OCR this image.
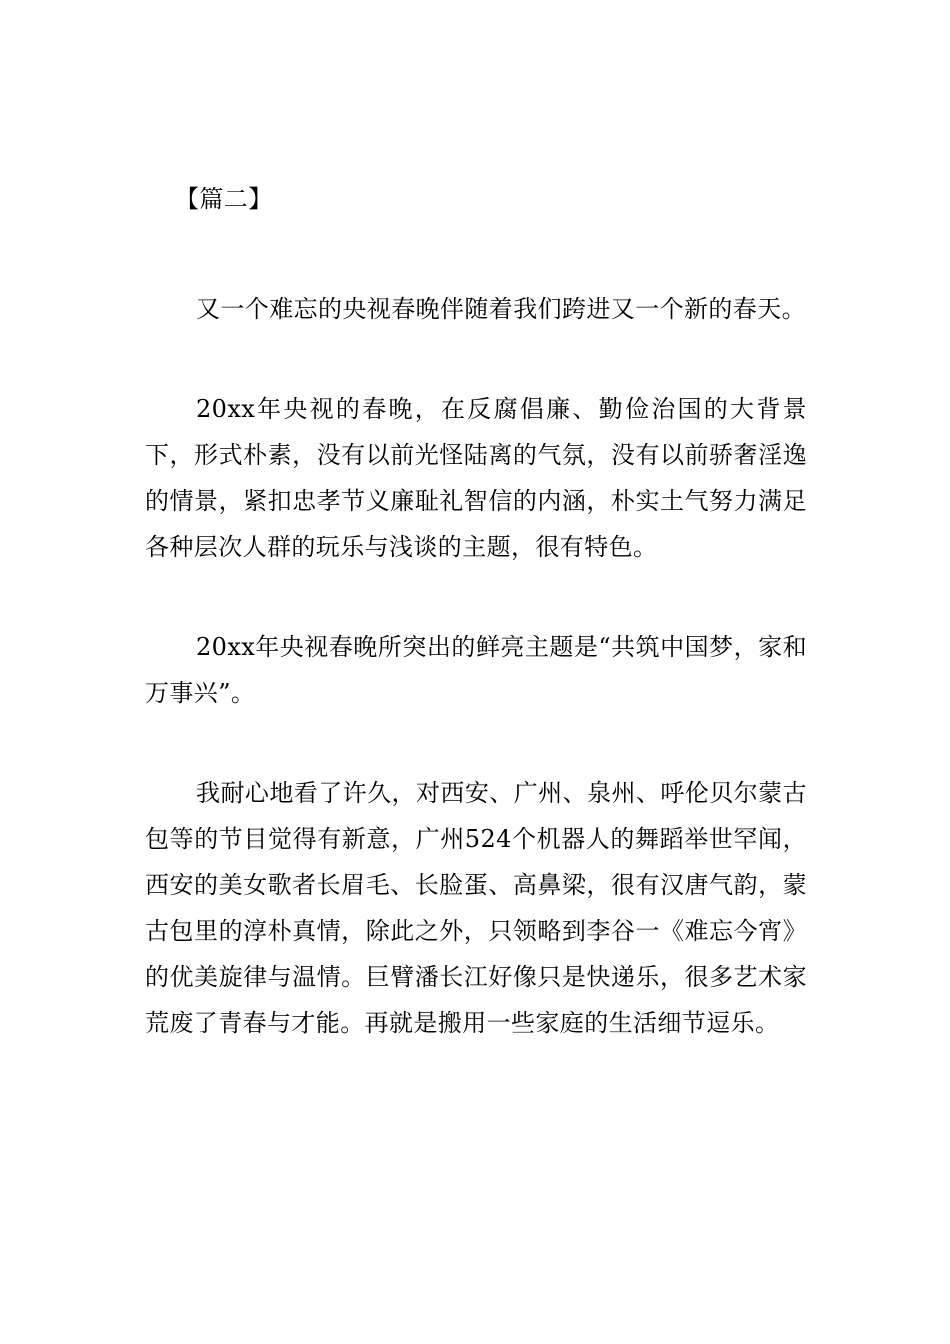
【篇二】

又一个难忘的央视春晚伴随着我们跨进又一个新的春天。

20xx年央视的春晚，在反腐倡廉、勤俭治国的大背景下，形式朴素，没有以前光怪陆离的气氛，没有以前骄奢淫逸的情景，紧扣忠孝节义廉耻礼智信的内涵，朴实土气努力满足各种层次人群的玩乐与浅谈的主题，很有特色。

20xx年央视春晚所突出的鲜亮主题是“共筑中国梦，家和万事兴”。

我耐心地看了许久，对西安、广州、泉州、呼伦贝尔蒙古包等的节目觉得有新意，广州524个机器人的舞蹈举世罕闻，西安的美女歌者长眉毛、长脸蛋、高鼻梁，很有汉唐气韵，蒙古包里的淳朴真情，除此之外，只领略到李谷一《难忘今宵》的优美旋律与温情。巨臂潘长江好像只是快递乐，很多艺术家荒废了青春与才能。再就是搬用一些家庭的生活细节逗乐。
